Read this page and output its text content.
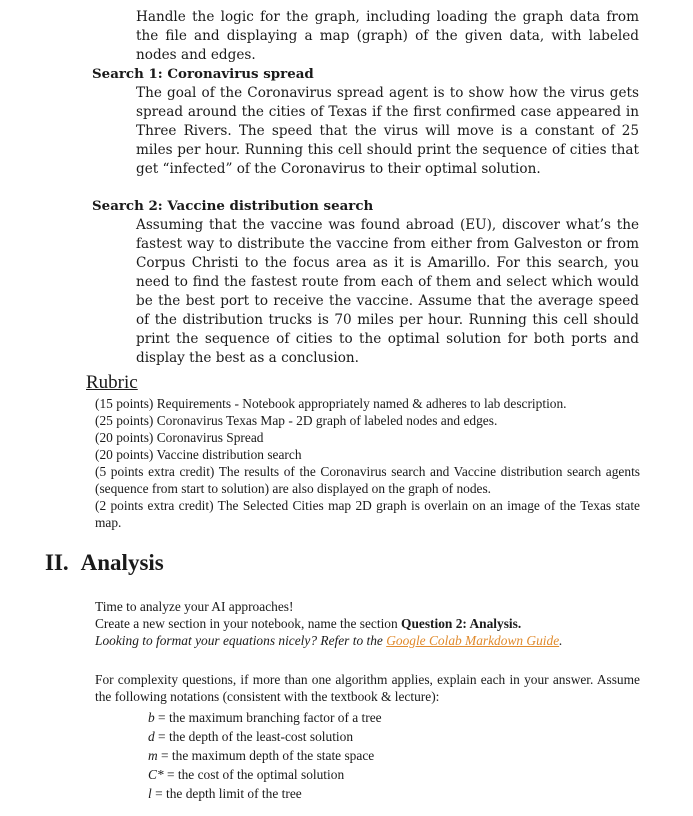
Handle the logic for the graph, including loading the graph data from the file and displaying a map (graph) of the given data, with labeled nodes and edges.
Search 1: Coronavirus spread
The goal of the Coronavirus spread agent is to show how the virus gets spread around the cities of Texas if the first confirmed case appeared in Three Rivers. The speed that the virus will move is a constant of 25 miles per hour. Running this cell should print the sequence of cities that get “infected” of the Coronavirus to their optimal solution.
Search 2: Vaccine distribution search
Assuming that the vaccine was found abroad (EU), discover what’s the fastest way to distribute the vaccine from either from Galveston or from Corpus Christi to the focus area as it is Amarillo. For this search, you need to find the fastest route from each of them and select which would be the best port to receive the vaccine. Assume that the average speed of the distribution trucks is 70 miles per hour. Running this cell should print the sequence of cities to the optimal solution for both ports and display the best as a conclusion.
Rubric
(15 points) Requirements - Notebook appropriately named & adheres to lab description.
(25 points) Coronavirus Texas Map - 2D graph of labeled nodes and edges.
(20 points) Coronavirus Spread
(20 points) Vaccine distribution search
(5 points extra credit) The results of the Coronavirus search and Vaccine distribution search agents (sequence from start to solution) are also displayed on the graph of nodes.
(2 points extra credit) The Selected Cities map 2D graph is overlain on an image of the Texas state map.
II. Analysis
Time to analyze your AI approaches!
Create a new section in your notebook, name the section Question 2: Analysis.
Looking to format your equations nicely? Refer to the Google Colab Markdown Guide.
For complexity questions, if more than one algorithm applies, explain each in your answer. Assume the following notations (consistent with the textbook & lecture):
b = the maximum branching factor of a tree
d = the depth of the least-cost solution
m = the maximum depth of the state space
C* = the cost of the optimal solution
l = the depth limit of the tree
